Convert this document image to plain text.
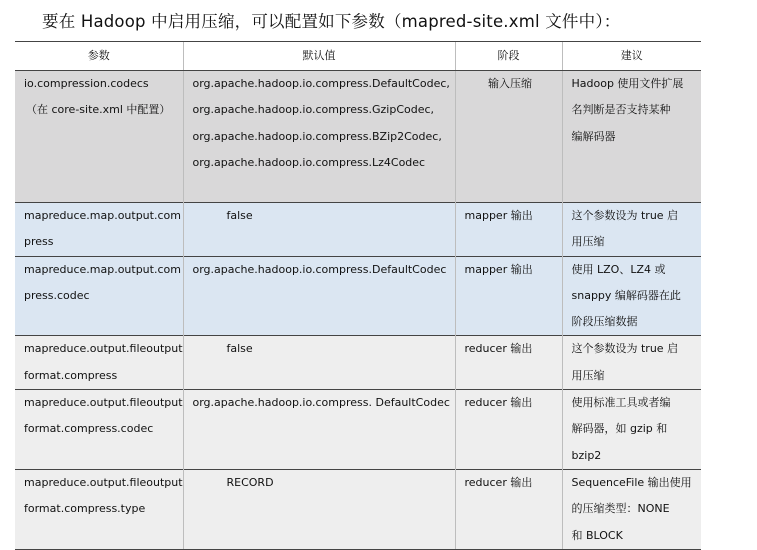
要在 Hadoop 中启用压缩，可以配置如下参数（mapred-site.xml 文件中）：
参数	默认值	阶段	建议

io.compression.codecs
（在 core-site.xml 中配置）	org.apache.hadoop.io.compress.DefaultCodec,
org.apache.hadoop.io.compress.GzipCodec,
org.apache.hadoop.io.compress.BZip2Codec,
org.apache.hadoop.io.compress.Lz4Codec	输入压缩	Hadoop 使用文件扩展
名判断是否支持某种
编解码器

mapreduce.map.output.com
press	false	mapper 输出	这个参数设为 true 启
用压缩

mapreduce.map.output.com
press.codec	org.apache.hadoop.io.compress.DefaultCodec	mapper 输出	使用 LZO、LZ4 或
snappy 编解码器在此
阶段压缩数据

mapreduce.output.fileoutput
format.compress	false	reducer 输出	这个参数设为 true 启
用压缩

mapreduce.output.fileoutput
format.compress.codec	org.apache.hadoop.io.compress. DefaultCodec	reducer 输出	使用标准工具或者编
解码器，如 gzip 和
bzip2

mapreduce.output.fileoutput
format.compress.type	RECORD	reducer 输出	SequenceFile 输出使用
的压缩类型：NONE
和 BLOCK
